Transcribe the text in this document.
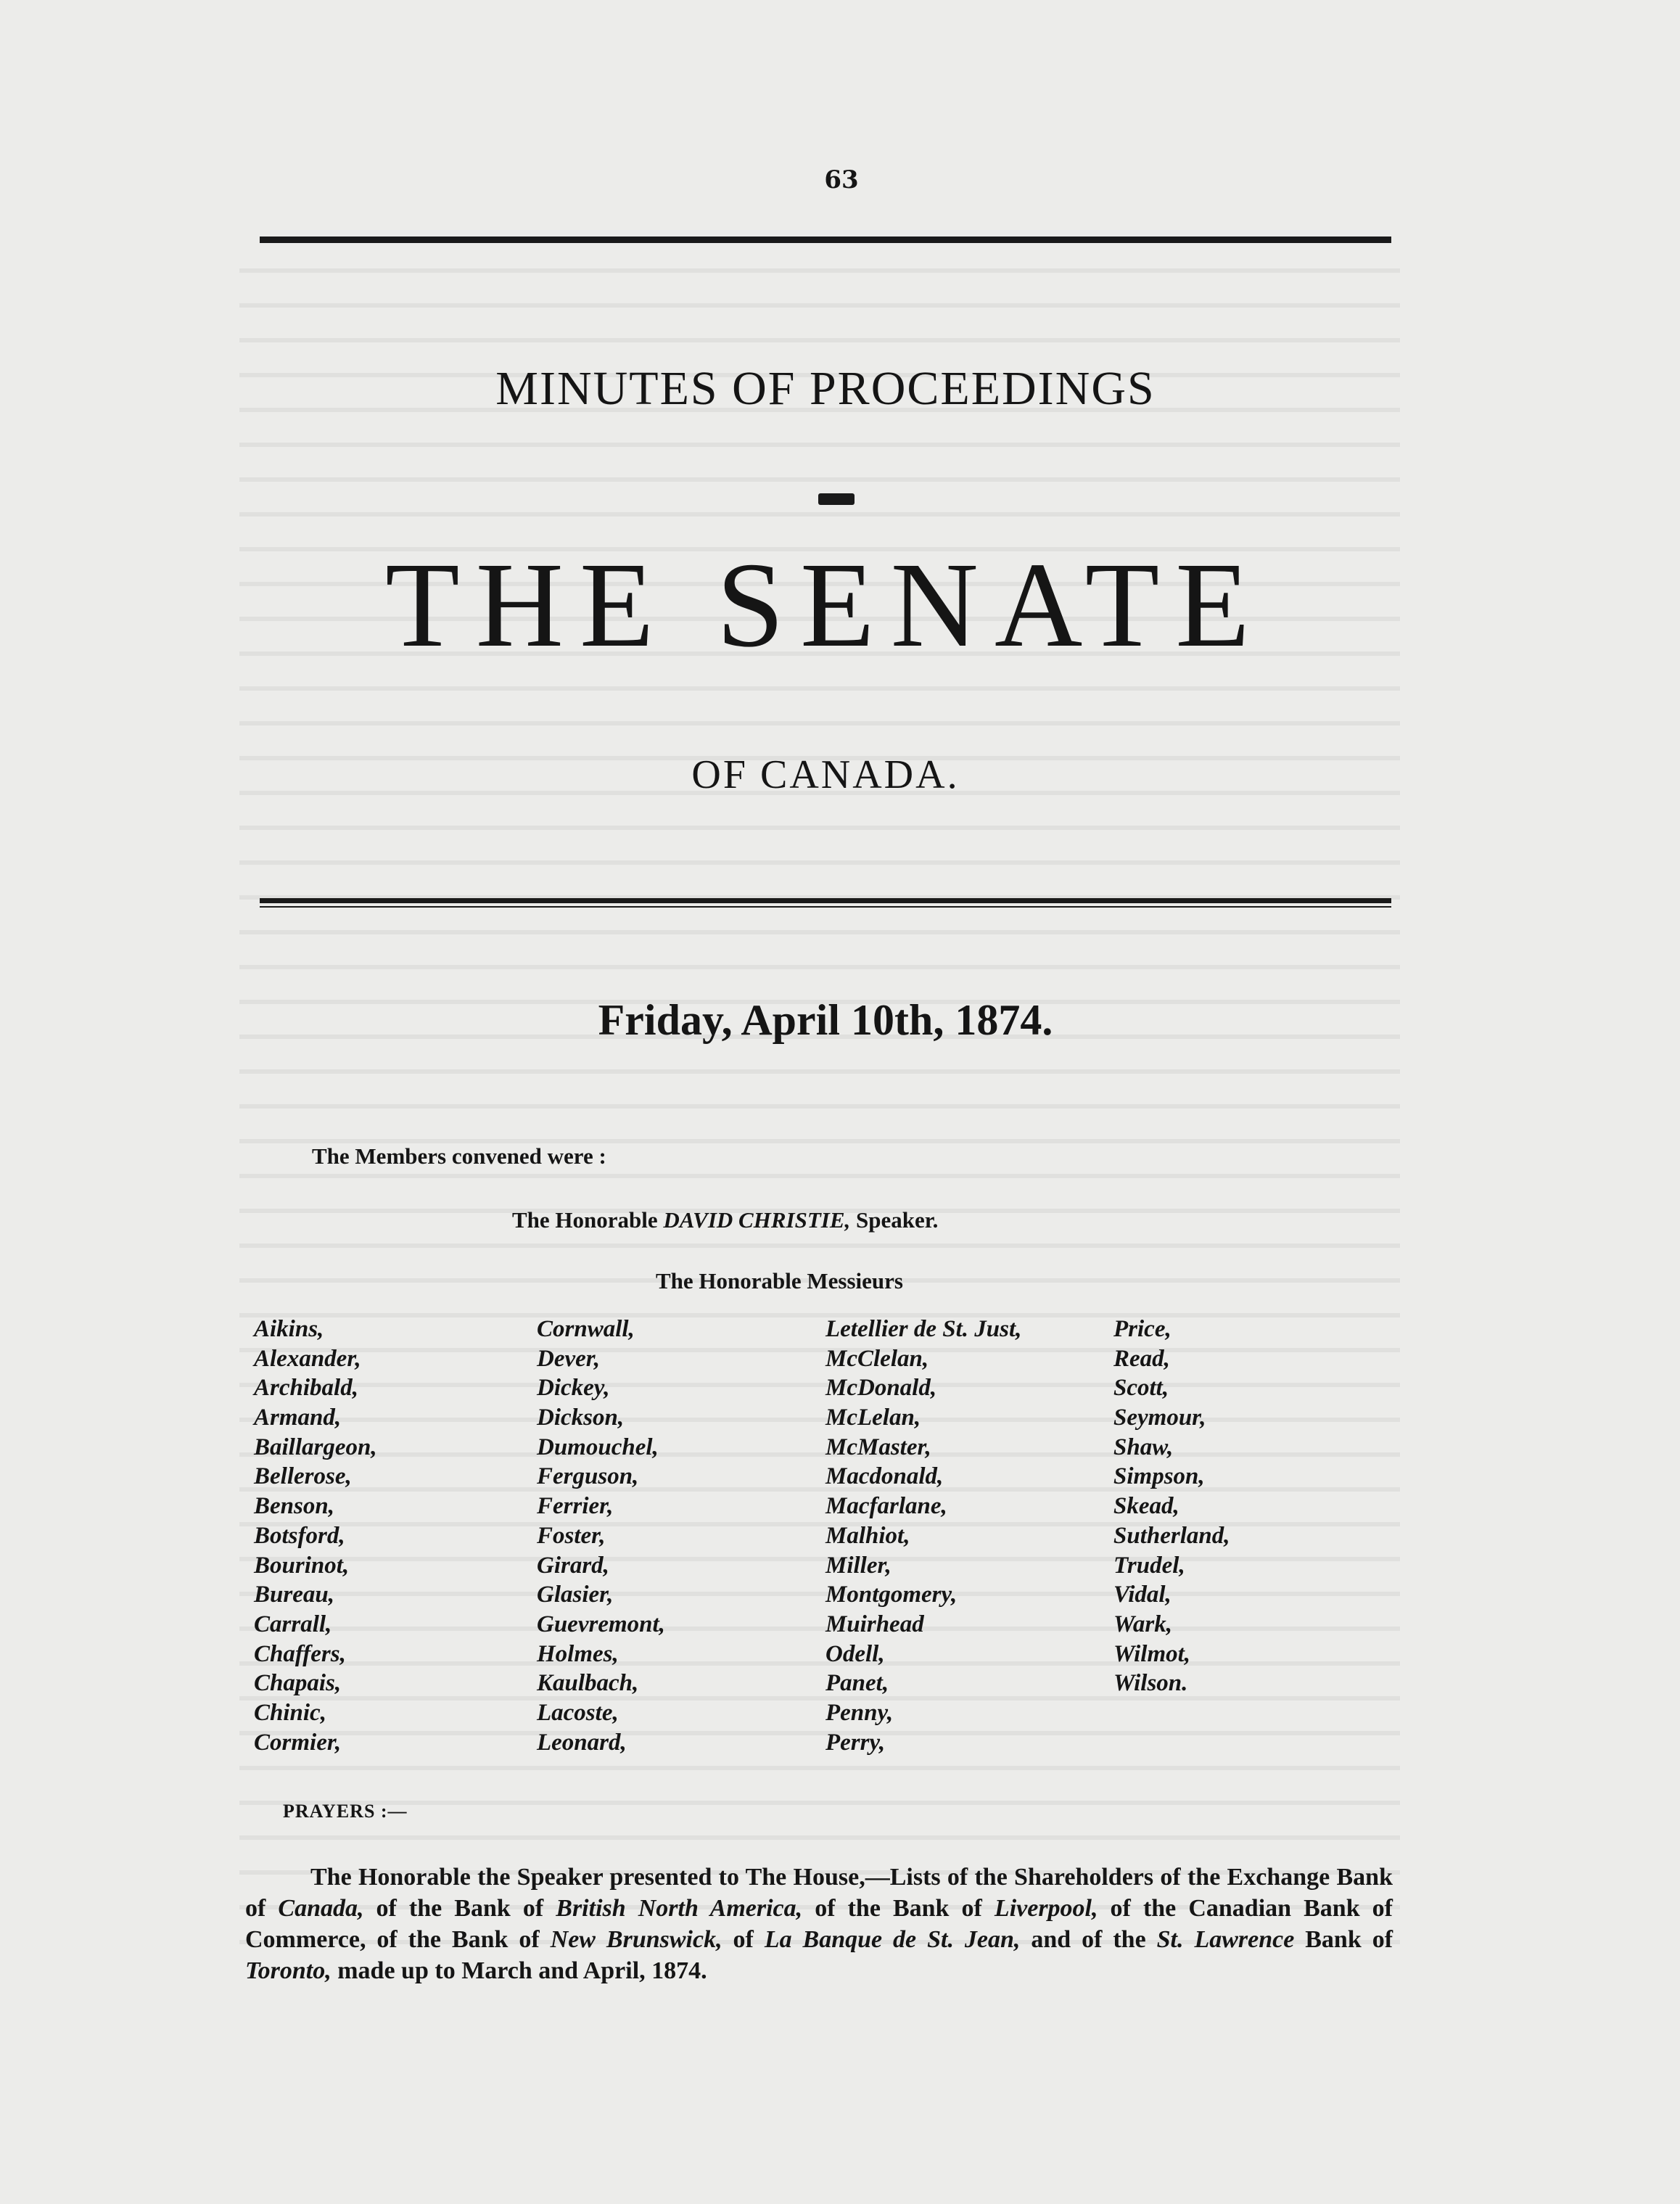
63
MINUTES OF PROCEEDINGS
THE SENATE
OF CANADA.
Friday, April 10th, 1874.
The Members convened were :
The Honorable DAVID CHRISTIE, Speaker.
The Honorable Messieurs
Aikins,
Alexander,
Archibald,
Armand,
Baillargeon,
Bellerose,
Benson,
Botsford,
Bourinot,
Bureau,
Carrall,
Chaffers,
Chapais,
Chinic,
Cormier,
Cornwall,
Dever,
Dickey,
Dickson,
Dumouchel,
Ferguson,
Ferrier,
Foster,
Girard,
Glasier,
Guevremont,
Holmes,
Kaulbach,
Lacoste,
Leonard,
Letellier de St. Just,
McClelan,
McDonald,
McLelan,
McMaster,
Macdonald,
Macfarlane,
Malhiot,
Miller,
Montgomery,
Muirhead
Odell,
Panet,
Penny,
Perry,
Price,
Read,
Scott,
Seymour,
Shaw,
Simpson,
Skead,
Sutherland,
Trudel,
Vidal,
Wark,
Wilmot,
Wilson.
PRAYERS :—
The Honorable the Speaker presented to The House,—Lists of the Shareholders of the Exchange Bank of Canada, of the Bank of British North America, of the Bank of Liverpool, of the Canadian Bank of Commerce, of the Bank of New Brunswick, of La Banque de St. Jean, and of the St. Lawrence Bank of Toronto, made up to March and April, 1874.
